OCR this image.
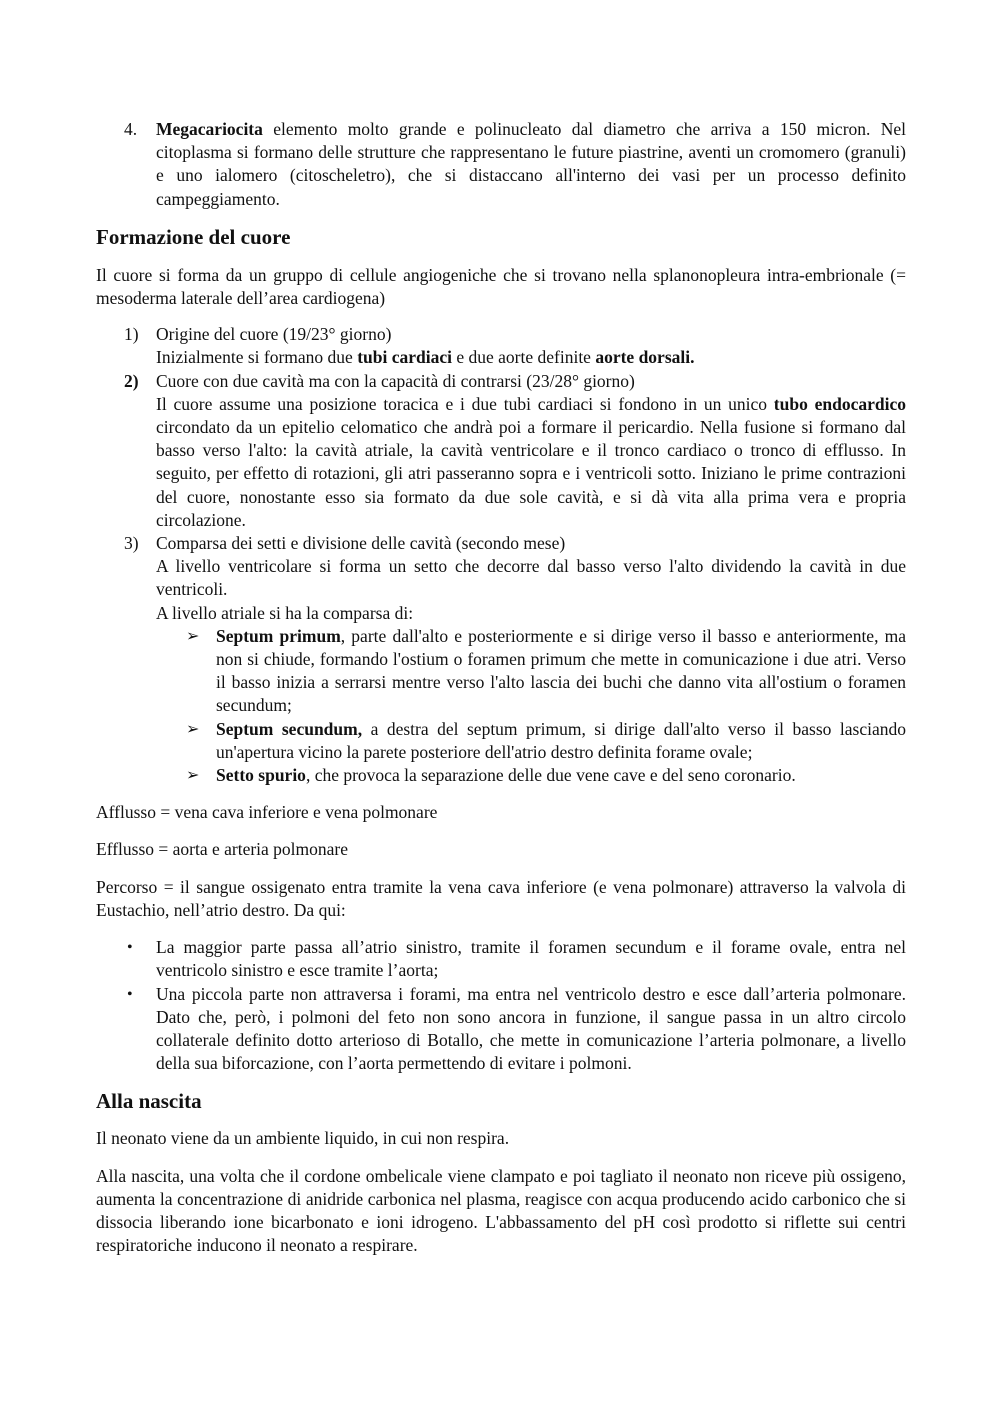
4. Megacariocita elemento molto grande e polinucleato dal diametro che arriva a 150 micron. Nel citoplasma si formano delle strutture che rappresentano le future piastrine, aventi un cromomero (granuli) e uno ialomero (citoscheletro), che si distaccano all'interno dei vasi per un processo definito campeggiamento.
Formazione del cuore

Il cuore si forma da un gruppo di cellule angiogeniche che si trovano nella splanonopleura intra-embrionale (= mesoderma laterale dell’area cardiogena)

1) Origine del cuore (19/23° giorno)
Inizialmente si formano due tubi cardiaci e due aorte definite aorte dorsali.
2) Cuore con due cavità ma con la capacità di contrarsi (23/28° giorno)
Il cuore assume una posizione toracica e i due tubi cardiaci si fondono in un unico tubo endocardico circondato da un epitelio celomatico che andrà poi a formare il pericardio. Nella fusione si formano dal basso verso l'alto: la cavità atriale, la cavità ventricolare e il tronco cardiaco o tronco di efflusso. In seguito, per effetto di rotazioni, gli atri passeranno sopra e i ventricoli sotto. Iniziano le prime contrazioni del cuore, nonostante esso sia formato da due sole cavità, e si dà vita alla prima vera e propria circolazione.
3) Comparsa dei setti e divisione delle cavità (secondo mese)
A livello ventricolare si forma un setto che decorre dal basso verso l'alto dividendo la cavità in due ventricoli.
A livello atriale si ha la comparsa di:
➢ Septum primum, parte dall'alto e posteriormente e si dirige verso il basso e anteriormente, ma non si chiude, formando l'ostium o foramen primum che mette in comunicazione i due atri. Verso il basso inizia a serrarsi mentre verso l'alto lascia dei buchi che danno vita all'ostium o foramen secundum;
➢ Septum secundum, a destra del septum primum, si dirige dall'alto verso il basso lasciando un'apertura vicino la parete posteriore dell'atrio destro definita forame ovale;
➢ Setto spurio, che provoca la separazione delle due vene cave e del seno coronario.

Afflusso = vena cava inferiore e vena polmonare

Efflusso = aorta e arteria polmonare

Percorso = il sangue ossigenato entra tramite la vena cava inferiore (e vena polmonare) attraverso la valvola di Eustachio, nell’atrio destro. Da qui:

• La maggior parte passa all’atrio sinistro, tramite il foramen secundum e il forame ovale, entra nel ventricolo sinistro e esce tramite l’aorta;
• Una piccola parte non attraversa i forami, ma entra nel ventricolo destro e esce dall’arteria polmonare. Dato che, però, i polmoni del feto non sono ancora in funzione, il sangue passa in un altro circolo collaterale definito dotto arterioso di Botallo, che mette in comunicazione l’arteria polmonare, a livello della sua biforcazione, con l’aorta permettendo di evitare i polmoni.
Alla nascita

Il neonato viene da un ambiente liquido, in cui non respira.

Alla nascita, una volta che il cordone ombelicale viene clampato e poi tagliato il neonato non riceve più ossigeno, aumenta la concentrazione di anidride carbonica nel plasma, reagisce con acqua producendo acido carbonico che si dissocia liberando ione bicarbonato e ioni idrogeno. L'abbassamento del pH così prodotto si riflette sui centri respiratoriche inducono il neonato a respirare.
